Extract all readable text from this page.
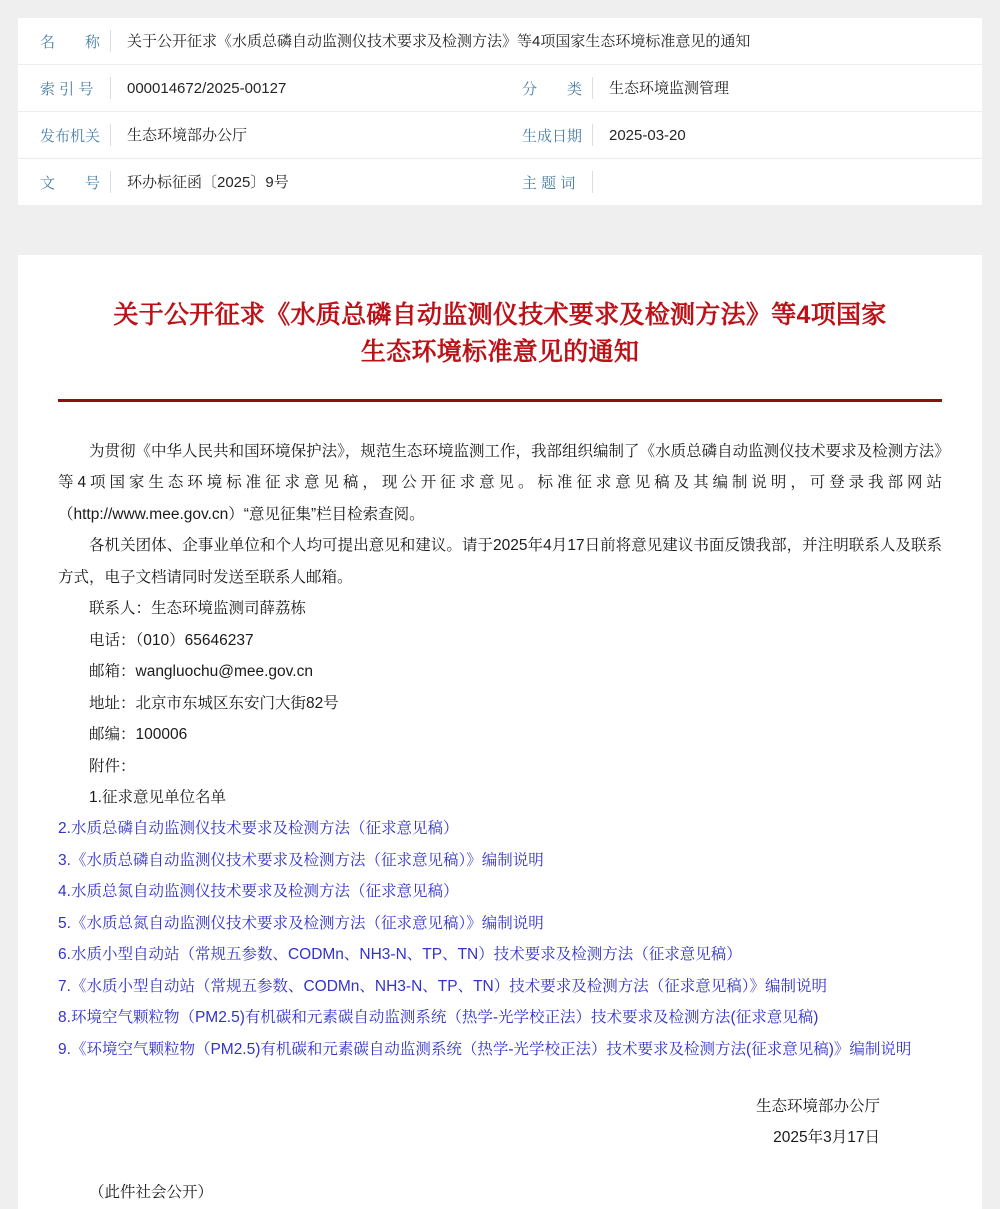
名　　称	关于公开征求《水质总磷自动监测仪技术要求及检测方法》等4项国家生态环境标准意见的通知
索 引 号	000014672/2025-00127	分　　类	生态环境监测管理
发布机关	生态环境部办公厅	生成日期	2025-03-20
文　　号	环办标征函〔2025〕9号	主 题 词
关于公开征求《水质总磷自动监测仪技术要求及检测方法》等4项国家生态环境标准意见的通知

为贯彻《中华人民共和国环境保护法》，规范生态环境监测工作，我部组织编制了《水质总磷自动监测仪技术要求及检测方法》等4项国家生态环境标准征求意见稿，现公开征求意见。标准征求意见稿及其编制说明，可登录我部网站（http://www.mee.gov.cn）“意见征集”栏目检索查阅。

各机关团体、企事业单位和个人均可提出意见和建议。请于2025年4月17日前将意见建议书面反馈我部，并注明联系人及联系方式，电子文档请同时发送至联系人邮箱。

联系人：生态环境监测司薛荔栋

电话：（010）65646237

邮箱：wangluochu@mee.gov.cn

地址：北京市东城区东安门大街82号

邮编：100006

附件：

1.征求意见单位名单

2.水质总磷自动监测仪技术要求及检测方法（征求意见稿）

3.《水质总磷自动监测仪技术要求及检测方法（征求意见稿）》编制说明

4.水质总氮自动监测仪技术要求及检测方法（征求意见稿）

5.《水质总氮自动监测仪技术要求及检测方法（征求意见稿）》编制说明

6.水质小型自动站（常规五参数、CODMn、NH3-N、TP、TN）技术要求及检测方法（征求意见稿）

7.《水质小型自动站（常规五参数、CODMn、NH3-N、TP、TN）技术要求及检测方法（征求意见稿）》编制说明

8.环境空气颗粒物（PM2.5)有机碳和元素碳自动监测系统（热学-光学校正法）技术要求及检测方法(征求意见稿)

9.《环境空气颗粒物（PM2.5)有机碳和元素碳自动监测系统（热学-光学校正法）技术要求及检测方法(征求意见稿)》编制说明

生态环境部办公厅
2025年3月17日
（此件社会公开）
